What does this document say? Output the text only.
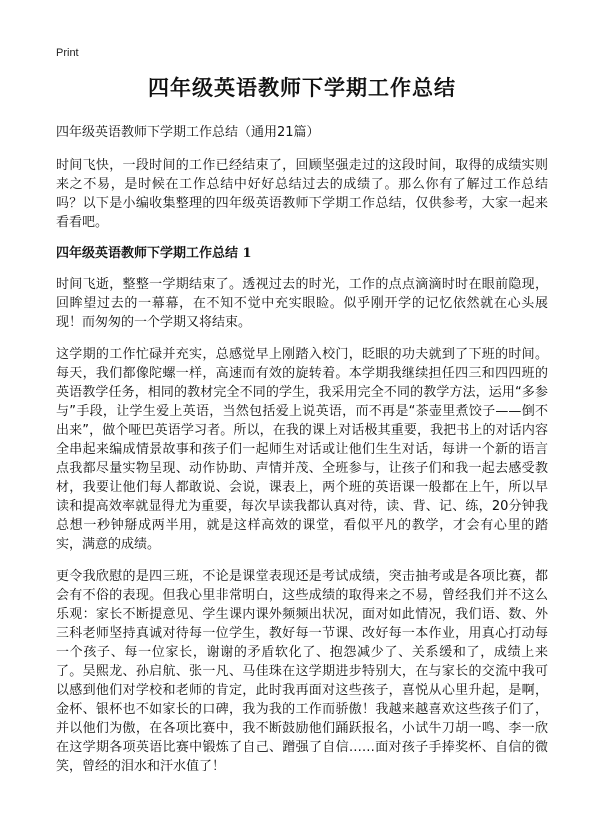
Print
四年级英语教师下学期工作总结
四年级英语教师下学期工作总结（通用21篇）

时间飞快，一段时间的工作已经结束了，回顾坚强走过的这段时间，取得的成绩实则来之不易，是时候在工作总结中好好总结过去的成绩了。那么你有了解过工作总结吗？以下是小编收集整理的四年级英语教师下学期工作总结，仅供参考，大家一起来看看吧。

四年级英语教师下学期工作总结 1

时间飞逝，整整一学期结束了。透视过去的时光，工作的点点滴滴时时在眼前隐现，回眸望过去的一幕幕，在不知不觉中充实眼睑。似乎刚开学的记忆依然就在心头展现！而匆匆的一个学期又将结束。

这学期的工作忙碌并充实，总感觉早上刚踏入校门，眨眼的功夫就到了下班的时间。每天，我们都像陀螺一样，高速而有效的旋转着。本学期我继续担任四三和四四班的英语教学任务，相同的教材完全不同的学生，我采用完全不同的教学方法，运用“多参与”手段，让学生爱上英语，当然包括爱上说英语，而不再是“茶壶里煮饺子——倒不出来”，做个哑巴英语学习者。所以，在我的课上对话极其重要，我把书上的对话内容全串起来编成情景故事和孩子们一起师生对话或让他们生生对话，每讲一个新的语言点我都尽量实物呈现、动作协助、声情并茂、全班参与，让孩子们和我一起去感受教材，我要让他们每人都敢说、会说，课表上，两个班的英语课一般都在上午，所以早读和提高效率就显得尤为重要，每次早读我都认真对待，读、背、记、练，20分钟我总想一秒钟掰成两半用，就是这样高效的课堂，看似平凡的教学，才会有心里的踏实，满意的成绩。

更令我欣慰的是四三班，不论是课堂表现还是考试成绩，突击抽考或是各项比赛，都会有不俗的表现。但我心里非常明白，这些成绩的取得来之不易，曾经我们并不这么乐观：家长不断提意见、学生课内课外频频出状况，面对如此情况，我们语、数、外三科老师坚持真诚对待每一位学生，教好每一节课、改好每一本作业，用真心打动每一个孩子、每一位家长，谢谢的矛盾软化了、抱怨减少了、关系缓和了，成绩上来了。吴熙龙、孙启航、张一凡、马佳珠在这学期进步特别大，在与家长的交流中我可以感到他们对学校和老师的肯定，此时我再面对这些孩子，喜悦从心里升起，是啊，金杯、银杯也不如家长的口碑，我为我的工作而骄傲！我越来越喜欢这些孩子们了，并以他们为傲，在各项比赛中，我不断鼓励他们踊跃报名，小试牛刀胡一鸣、李一欣在这学期各项英语比赛中锻炼了自己、蹭强了自信……面对孩子手捧奖杯、自信的微笑，曾经的泪水和汗水值了！
